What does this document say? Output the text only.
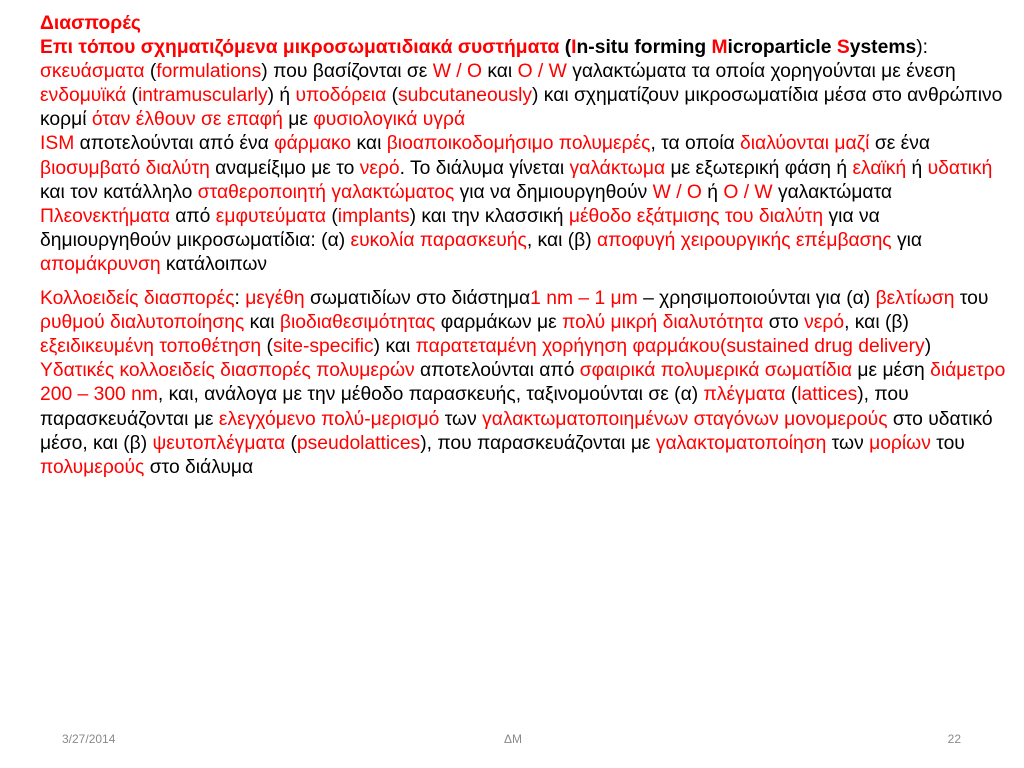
Διασπορές
Επι τόπου σχηματιζόμενα μικροσωματιδιακά συστήματα (In-situ forming Microparticle Systems): σκευάσματα (formulations) που βασίζονται σε W / O και O / W γαλακτώματα τα οποία χορηγούνται με ένεση ενδομυϊκά (intramuscularly) ή υποδόρεια (subcutaneously) και σχηματίζουν μικροσωματίδια μέσα στο ανθρώπινο κορμί όταν έλθουν σε επαφή με φυσιολογικά υγρά
ISM αποτελούνται από ένα φάρμακο και βιοαποικοδομήσιμο πολυμερές, τα οποία διαλύονται μαζί σε ένα βιοσυμβατό διαλύτη αναμείξιμο με το νερό. Το διάλυμα γίνεται γαλάκτωμα με εξωτερική φάση ή ελαϊκή ή υδατική και τον κατάλληλο σταθεροποιητή γαλακτώματος για να δημιουργηθούν W / O ή O / W γαλακτώματα
Πλεονεκτήματα από εμφυτεύματα (implants) και την κλασσική μέθοδο εξάτμισης του διαλύτη για να δημιουργηθούν μικροσωματίδια: (α) ευκολία παρασκευής, και (β) αποφυγή χειρουργικής επέμβασης για απομάκρυνση κατάλοιπων
Κολλοειδείς διασπορές: μεγέθη σωματιδίων στο διάστημα1 nm – 1 μm – χρησιμοποιούνται για (α) βελτίωση του ρυθμού διαλυτοποίησης και βιοδιαθεσιμότητας φαρμάκων με πολύ μικρή διαλυτότητα στο νερό, και (β) εξειδικευμένη τοποθέτηση (site-specific) και παρατεταμένη χορήγηση φαρμάκου(sustained drug delivery)
Υδατικές κολλοειδείς διασπορές πολυμερών αποτελούνται από σφαιρικά πολυμερικά σωματίδια με μέση διάμετρο 200 – 300 nm, και, ανάλογα με την μέθοδο παρασκευής, ταξινομούνται σε (α) πλέγματα (lattices), που παρασκευάζονται με ελεγχόμενο πολύ-μερισμό των γαλακτωματοποιημένων σταγόνων μονομερούς στο υδατικό μέσο, και (β) ψευτοπλέγματα (pseudolattices), που παρασκευάζονται με γαλακτοματοποίηση των μορίων του πολυμερούς στο διάλυμα
3/27/2014	ΔΜ	22
